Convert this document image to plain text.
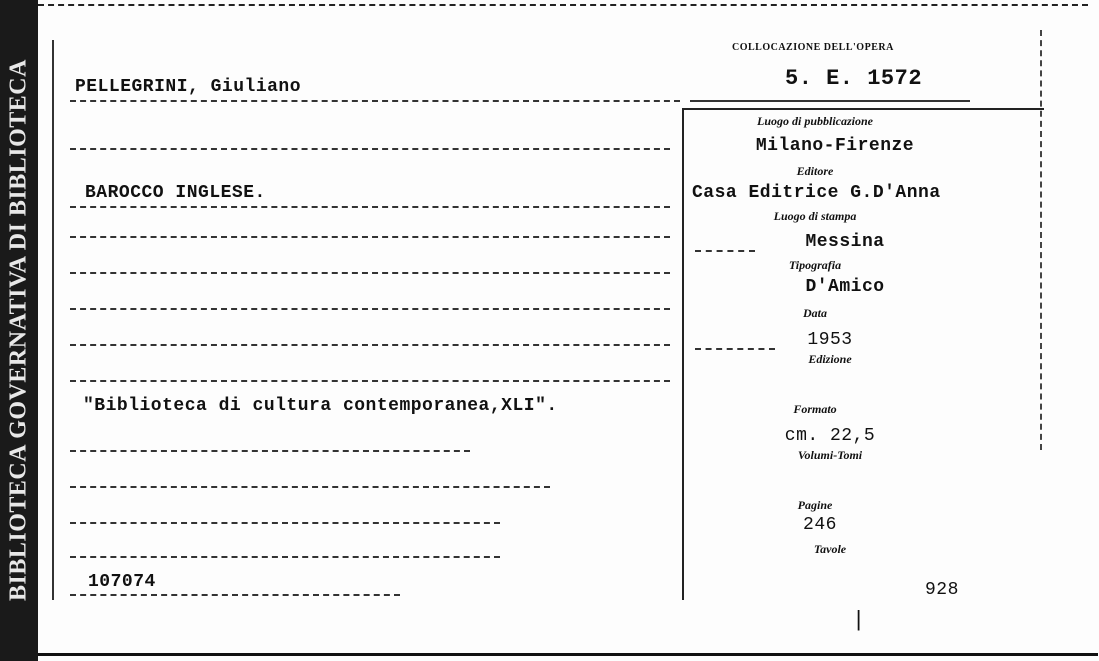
BIBLIOTECA GOVERNATIVA DI BIBLIOTECA
COLLOCAZIONE DELL'OPERA
5. E. 1572
PELLEGRINI, Giuliano
BAROCCO INGLESE.
"Biblioteca di cultura contemporanea,XLI".
107074	928
|
Luogo di pubblicazione
Milano-Firenze
Editore
Casa Editrice G.D'Anna
Luogo di stampa
Messina
Tipografia
D'Amico
Data
1953
Edizione
Formato
cm. 22,5
Volumi-Tomi
Pagine
246
Tavole
